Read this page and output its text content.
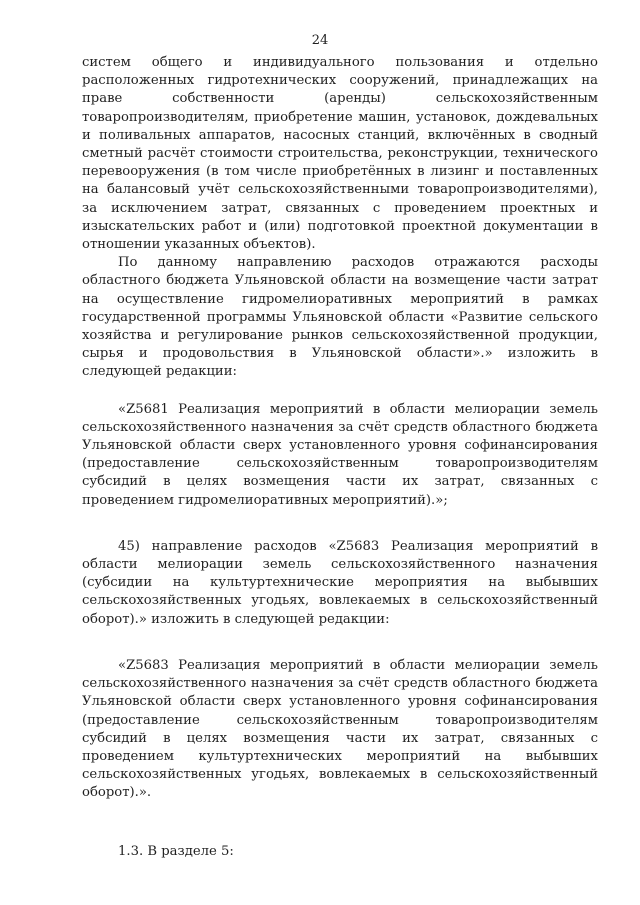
24

систем общего и индивидуального пользования и отдельно расположенных гидротехнических сооружений, принадлежащих на праве собственности (аренды) сельскохозяйственным товаропроизводителям, приобретение машин, установок, дождевальных и поливальных аппаратов, насосных станций, включённых в сводный сметный расчёт стоимости строительства, реконструкции, технического перевооружения (в том числе приобретённых в лизинг и поставленных на балансовый учёт сельскохозяйственными товаропроизводителями), за исключением затрат, связанных с проведением проектных и изыскательских работ и (или) подготовкой проектной документации в отношении указанных объектов).

По данному направлению расходов отражаются расходы областного бюджета Ульяновской области на возмещение части затрат на осуществление гидромелиоративных мероприятий в рамках государственной программы Ульяновской области «Развитие сельского хозяйства и регулирование рынков сельскохозяйственной продукции, сырья и продовольствия в Ульяновской области».» изложить в следующей редакции:

«Z5681 Реализация мероприятий в области мелиорации земель сельскохозяйственного назначения за счёт средств областного бюджета Ульяновской области сверх установленного уровня софинансирования (предоставление сельскохозяйственным товаропроизводителям субсидий в целях возмещения части их затрат, связанных с проведением гидромелиоративных мероприятий).»;

45) направление расходов «Z5683 Реализация мероприятий в области мелиорации земель сельскохозяйственного назначения (субсидии на культуртехнические мероприятия на выбывших сельскохозяйственных угодьях, вовлекаемых в сельскохозяйственный оборот).» изложить в следующей редакции:

«Z5683 Реализация мероприятий в области мелиорации земель сельскохозяйственного назначения за счёт средств областного бюджета Ульяновской области сверх установленного уровня софинансирования (предоставление сельскохозяйственным товаропроизводителям субсидий в целях возмещения части их затрат, связанных с проведением культуртехнических мероприятий на выбывших сельскохозяйственных угодьях, вовлекаемых в сельскохозяйственный оборот).».

1.3. В разделе 5:
